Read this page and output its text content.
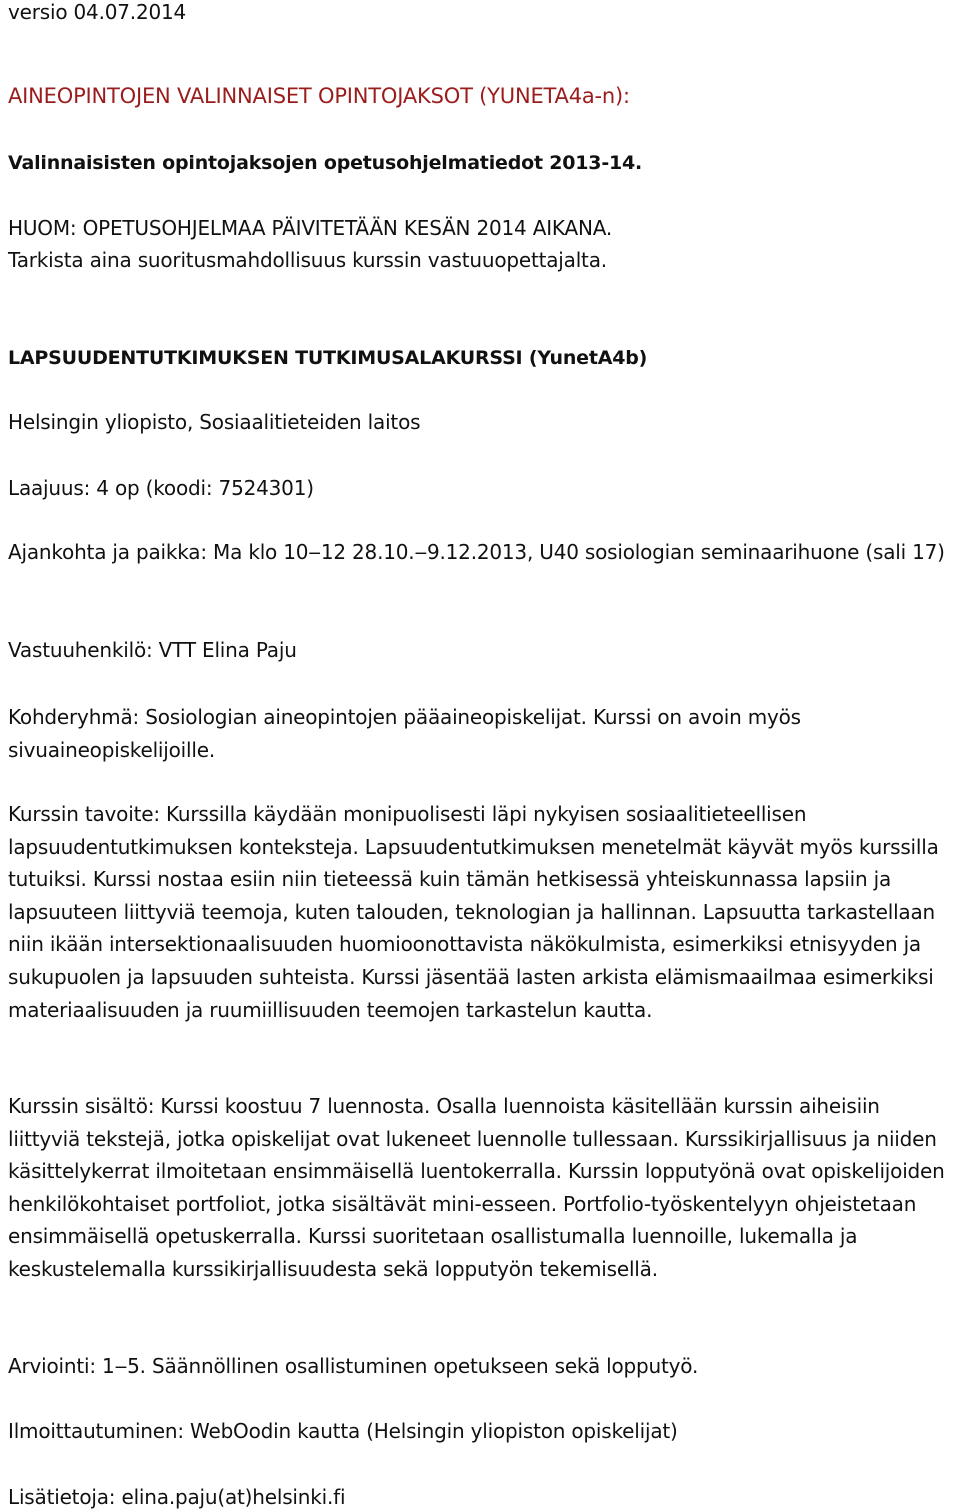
versio 04.07.2014
AINEOPINTOJEN VALINNAISET OPINTOJAKSOT (YUNETA4a-n):
Valinnaisisten opintojaksojen opetusohjelmatiedot 2013-14.
HUOM: OPETUSOHJELMAA PÄIVITETÄÄN KESÄN 2014 AIKANA.
Tarkista aina suoritusmahdollisuus kurssin vastuuopettajalta.
LAPSUUDENTUTKIMUKSEN TUTKIMUSALAKURSSI (YunetA4b)
Helsingin yliopisto, Sosiaalitieteiden laitos
Laajuus: 4 op (koodi: 7524301)
Ajankohta ja paikka: Ma klo 10‒12 28.10.‒9.12.2013, U40 sosiologian seminaarihuone (sali 17)
Vastuuhenkilö: VTT Elina Paju
Kohderyhmä: Sosiologian aineopintojen pääaineopiskelijat. Kurssi on avoin myös sivuaineopiskelijoille.
Kurssin tavoite: Kurssilla käydään monipuolisesti läpi nykyisen sosiaalitieteellisen lapsuudentutkimuksen konteksteja. Lapsuudentutkimuksen menetelmät käyvät myös kurssilla tutuiksi. Kurssi nostaa esiin niin tieteessä kuin tämän hetkisessä yhteiskunnassa lapsiin ja lapsuuteen liittyviä teemoja, kuten talouden, teknologian ja hallinnan. Lapsuutta tarkastellaan niin ikään intersektionaalisuuden huomioonottavista näkökulmista, esimerkiksi etnisyyden ja sukupuolen ja lapsuuden suhteista. Kurssi jäsentää lasten arkista elämismaailmaa esimerkiksi materiaalisuuden ja ruumiillisuuden teemojen tarkastelun kautta.
Kurssin sisältö: Kurssi koostuu 7 luennosta. Osalla luennoista käsitellään kurssin aiheisiin liittyviä tekstejä, jotka opiskelijat ovat lukeneet luennolle tullessaan. Kurssikirjallisuus ja niiden käsittelykerrat ilmoitetaan ensimmäisellä luentokerralla. Kurssin lopputyönä ovat opiskelijoiden henkilökohtaiset portfoliot, jotka sisältävät mini-esseen. Portfolio-työskentelyyn ohjeistetaan ensimmäisellä opetuskerralla. Kurssi suoritetaan osallistumalla luennoille, lukemalla ja keskustelemalla kurssikirjallisuudesta sekä lopputyön tekemisellä.
Arviointi: 1‒5. Säännöllinen osallistuminen opetukseen sekä lopputyö.
Ilmoittautuminen: WebOodin kautta (Helsingin yliopiston opiskelijat)
Lisätietoja: elina.paju(at)helsinki.fi
